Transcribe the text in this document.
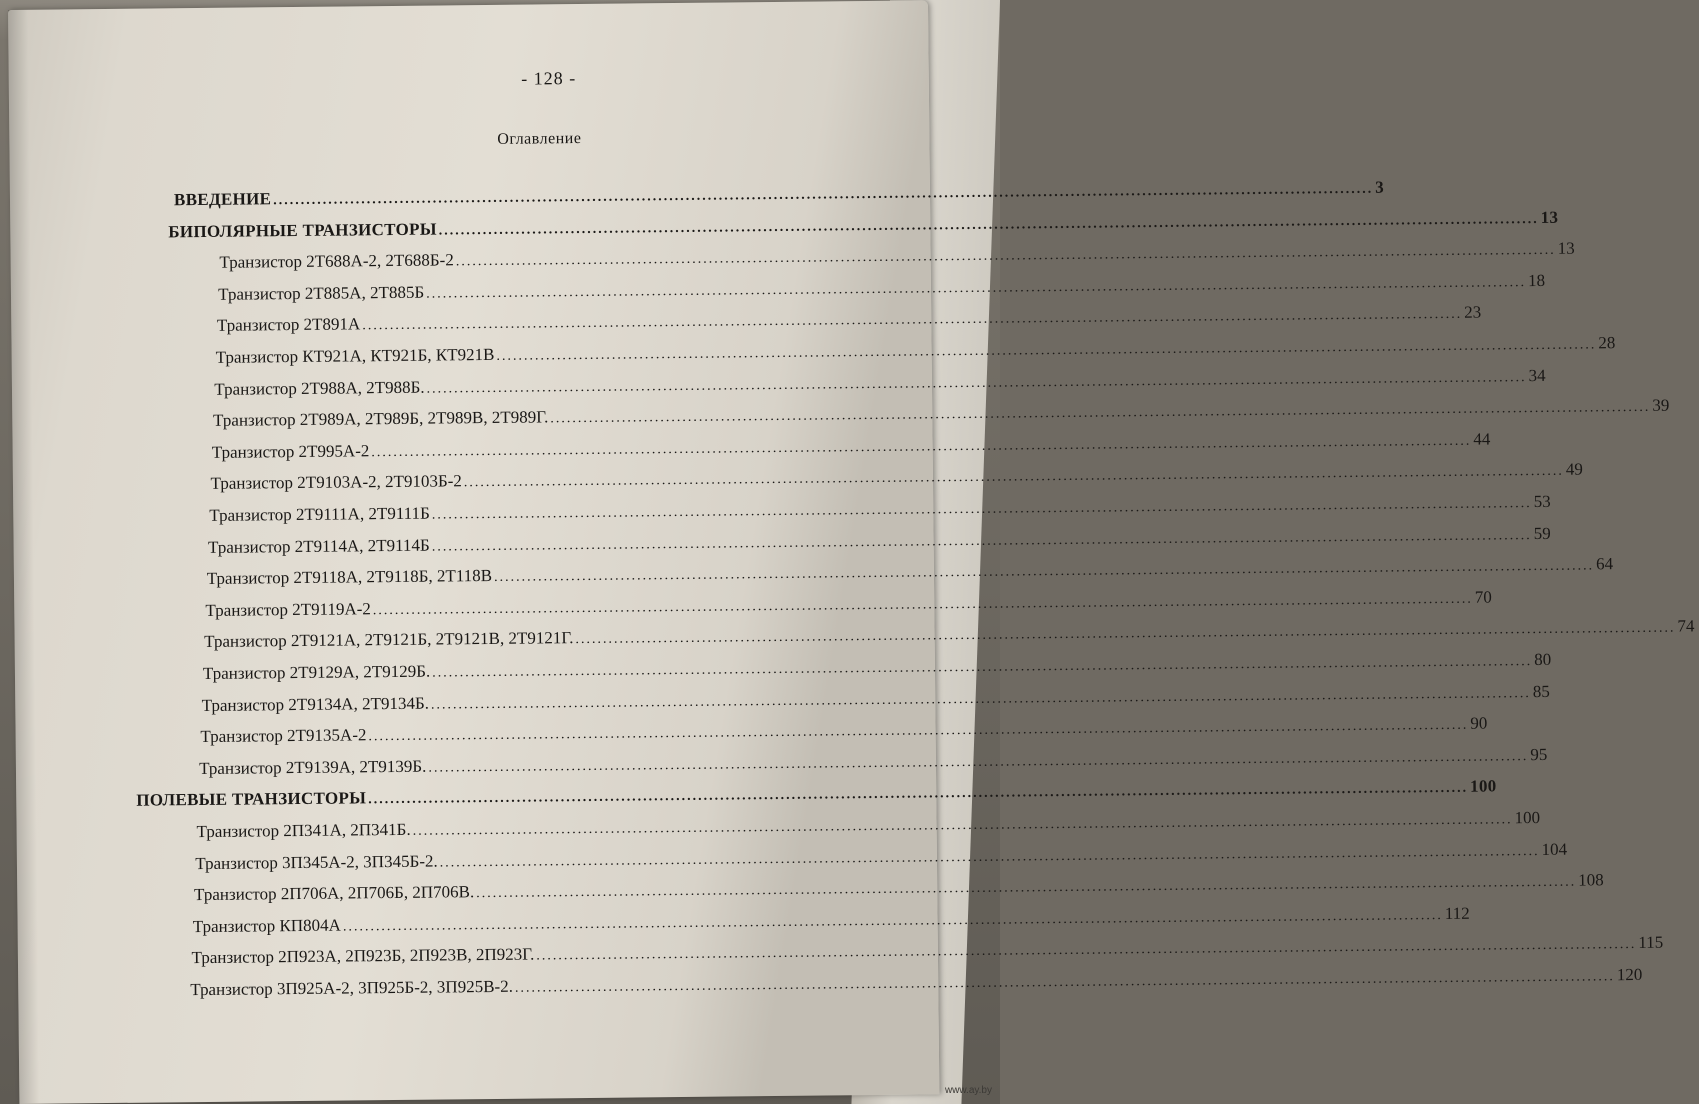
- 128 -
Оглавление
ВВЕДЕНИЕ ........................................................................................................................................................................................................ 3
БИПОЛЯРНЫЕ ТРАНЗИСТОРЫ ........................................................................................................................................................................................................ 13
Транзистор 2Т688А-2, 2Т688Б-2 ........................................................................................................................................................................................................ 13
Транзистор 2Т885А, 2Т885Б ........................................................................................................................................................................................................ 18
Транзистор 2Т891А ........................................................................................................................................................................................................ 23
Транзистор КТ921А, КТ921Б, КТ921В ........................................................................................................................................................................................................ 28
Транзистор 2Т988А, 2Т988Б. ........................................................................................................................................................................................................ 34
Транзистор 2Т989А, 2Т989Б, 2Т989В, 2Т989Г. ........................................................................................................................................................................................................ 39
Транзистор 2Т995А-2 ........................................................................................................................................................................................................ 44
Транзистор 2Т9103А-2, 2Т9103Б-2 ........................................................................................................................................................................................................ 49
Транзистор 2Т9111А, 2Т9111Б ........................................................................................................................................................................................................ 53
Транзистор 2Т9114А, 2Т9114Б ........................................................................................................................................................................................................ 59
Транзистор 2Т9118А, 2Т9118Б, 2Т118В ........................................................................................................................................................................................................ 64
Транзистор 2Т9119А-2 ........................................................................................................................................................................................................ 70
Транзистор 2Т9121А, 2Т9121Б, 2Т9121В, 2Т9121Г. ........................................................................................................................................................................................................ 74
Транзистор 2Т9129А, 2Т9129Б. ........................................................................................................................................................................................................ 80
Транзистор 2Т9134А, 2Т9134Б. ........................................................................................................................................................................................................ 85
Транзистор 2Т9135А-2 ........................................................................................................................................................................................................ 90
Транзистор 2Т9139А, 2Т9139Б. ........................................................................................................................................................................................................ 95
ПОЛЕВЫЕ ТРАНЗИСТОРЫ ........................................................................................................................................................................................................ 100
Транзистор 2П341А, 2П341Б. ........................................................................................................................................................................................................ 100
Транзистор 3П345А-2, 3П345Б-2. ........................................................................................................................................................................................................ 104
Транзистор 2П706А, 2П706Б, 2П706В. ........................................................................................................................................................................................................ 108
Транзистор КП804А ........................................................................................................................................................................................................ 112
Транзистор 2П923А, 2П923Б, 2П923В, 2П923Г. ........................................................................................................................................................................................................ 115
Транзистор 3П925А-2, 3П925Б-2, 3П925В-2. ........................................................................................................................................................................................................ 120
www.ay.by
